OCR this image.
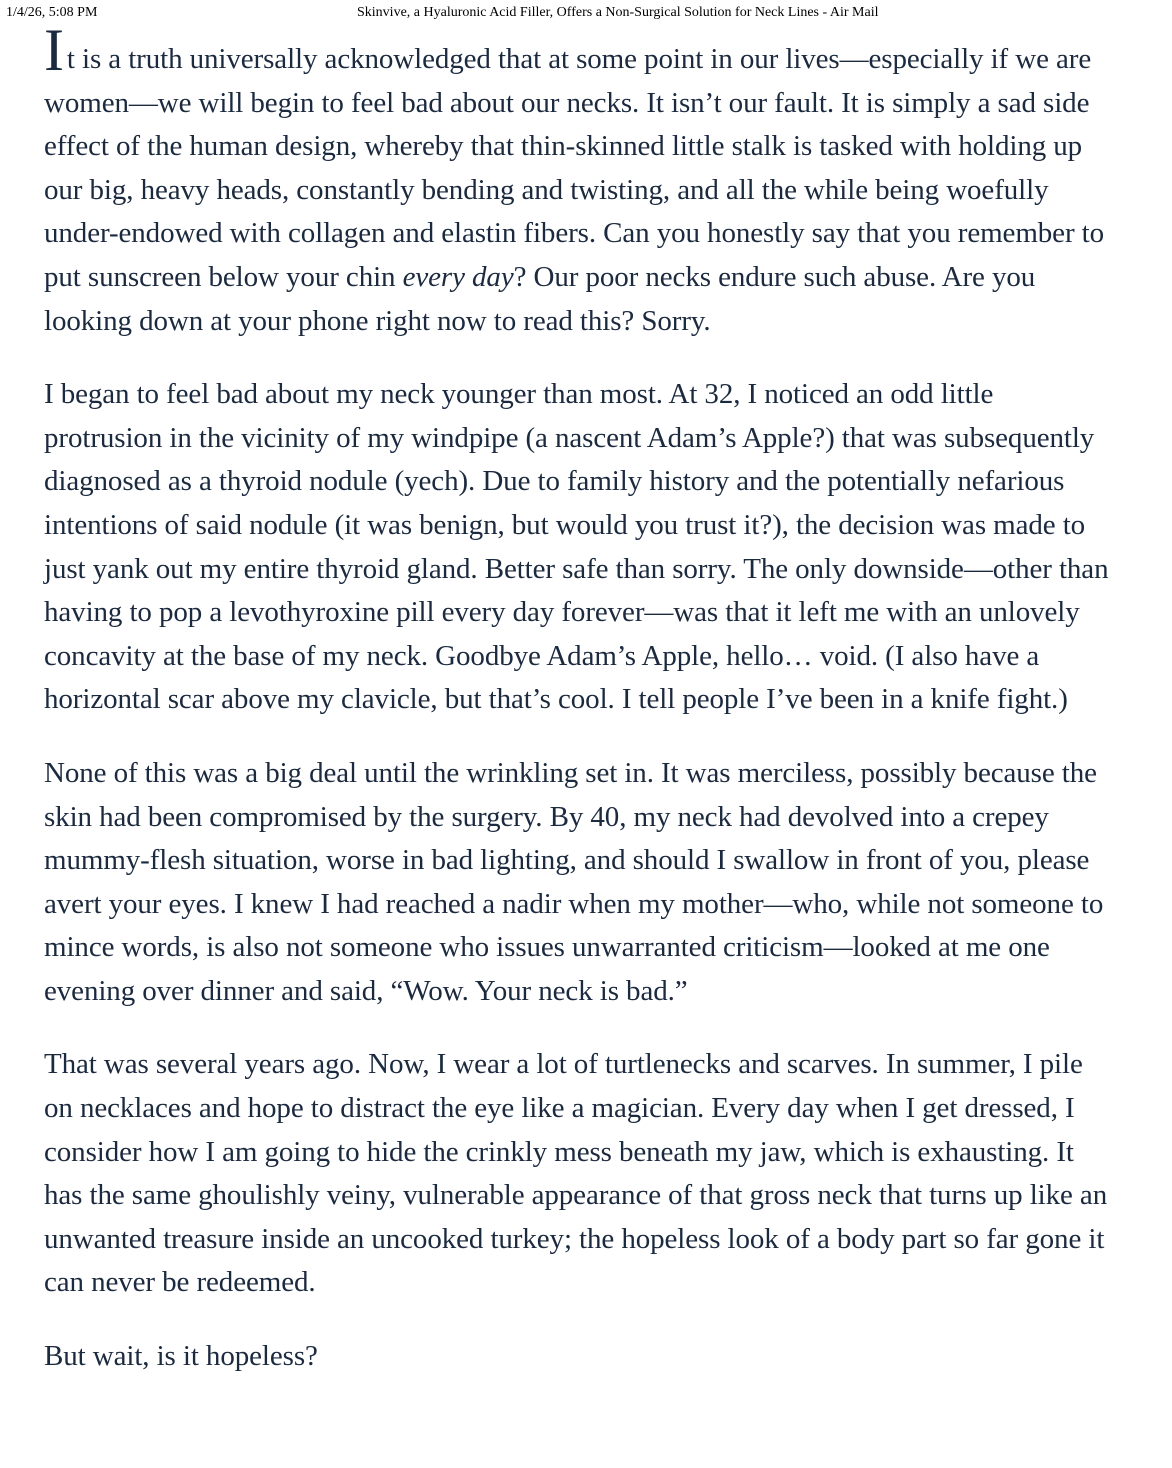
1/4/26, 5:08 PM	Skinvive, a Hyaluronic Acid Filler, Offers a Non-Surgical Solution for Neck Lines - Air Mail

It is a truth universally acknowledged that at some point in our lives—especially if we are women—we will begin to feel bad about our necks. It isn’t our fault. It is simply a sad side effect of the human design, whereby that thin-skinned little stalk is tasked with holding up our big, heavy heads, constantly bending and twisting, and all the while being woefully under-endowed with collagen and elastin fibers. Can you honestly say that you remember to put sunscreen below your chin every day? Our poor necks endure such abuse. Are you looking down at your phone right now to read this? Sorry.

I began to feel bad about my neck younger than most. At 32, I noticed an odd little protrusion in the vicinity of my windpipe (a nascent Adam’s Apple?) that was subsequently diagnosed as a thyroid nodule (yech). Due to family history and the potentially nefarious intentions of said nodule (it was benign, but would you trust it?), the decision was made to just yank out my entire thyroid gland. Better safe than sorry. The only downside—other than having to pop a levothyroxine pill every day forever—was that it left me with an unlovely concavity at the base of my neck. Goodbye Adam’s Apple, hello… void. (I also have a horizontal scar above my clavicle, but that’s cool. I tell people I’ve been in a knife fight.)

None of this was a big deal until the wrinkling set in. It was merciless, possibly because the skin had been compromised by the surgery. By 40, my neck had devolved into a crepey mummy-flesh situation, worse in bad lighting, and should I swallow in front of you, please avert your eyes. I knew I had reached a nadir when my mother—who, while not someone to mince words, is also not someone who issues unwarranted criticism—looked at me one evening over dinner and said, “Wow. Your neck is bad.”

That was several years ago. Now, I wear a lot of turtlenecks and scarves. In summer, I pile on necklaces and hope to distract the eye like a magician. Every day when I get dressed, I consider how I am going to hide the crinkly mess beneath my jaw, which is exhausting. It has the same ghoulishly veiny, vulnerable appearance of that gross neck that turns up like an unwanted treasure inside an uncooked turkey; the hopeless look of a body part so far gone it can never be redeemed.

But wait, is it hopeless?
